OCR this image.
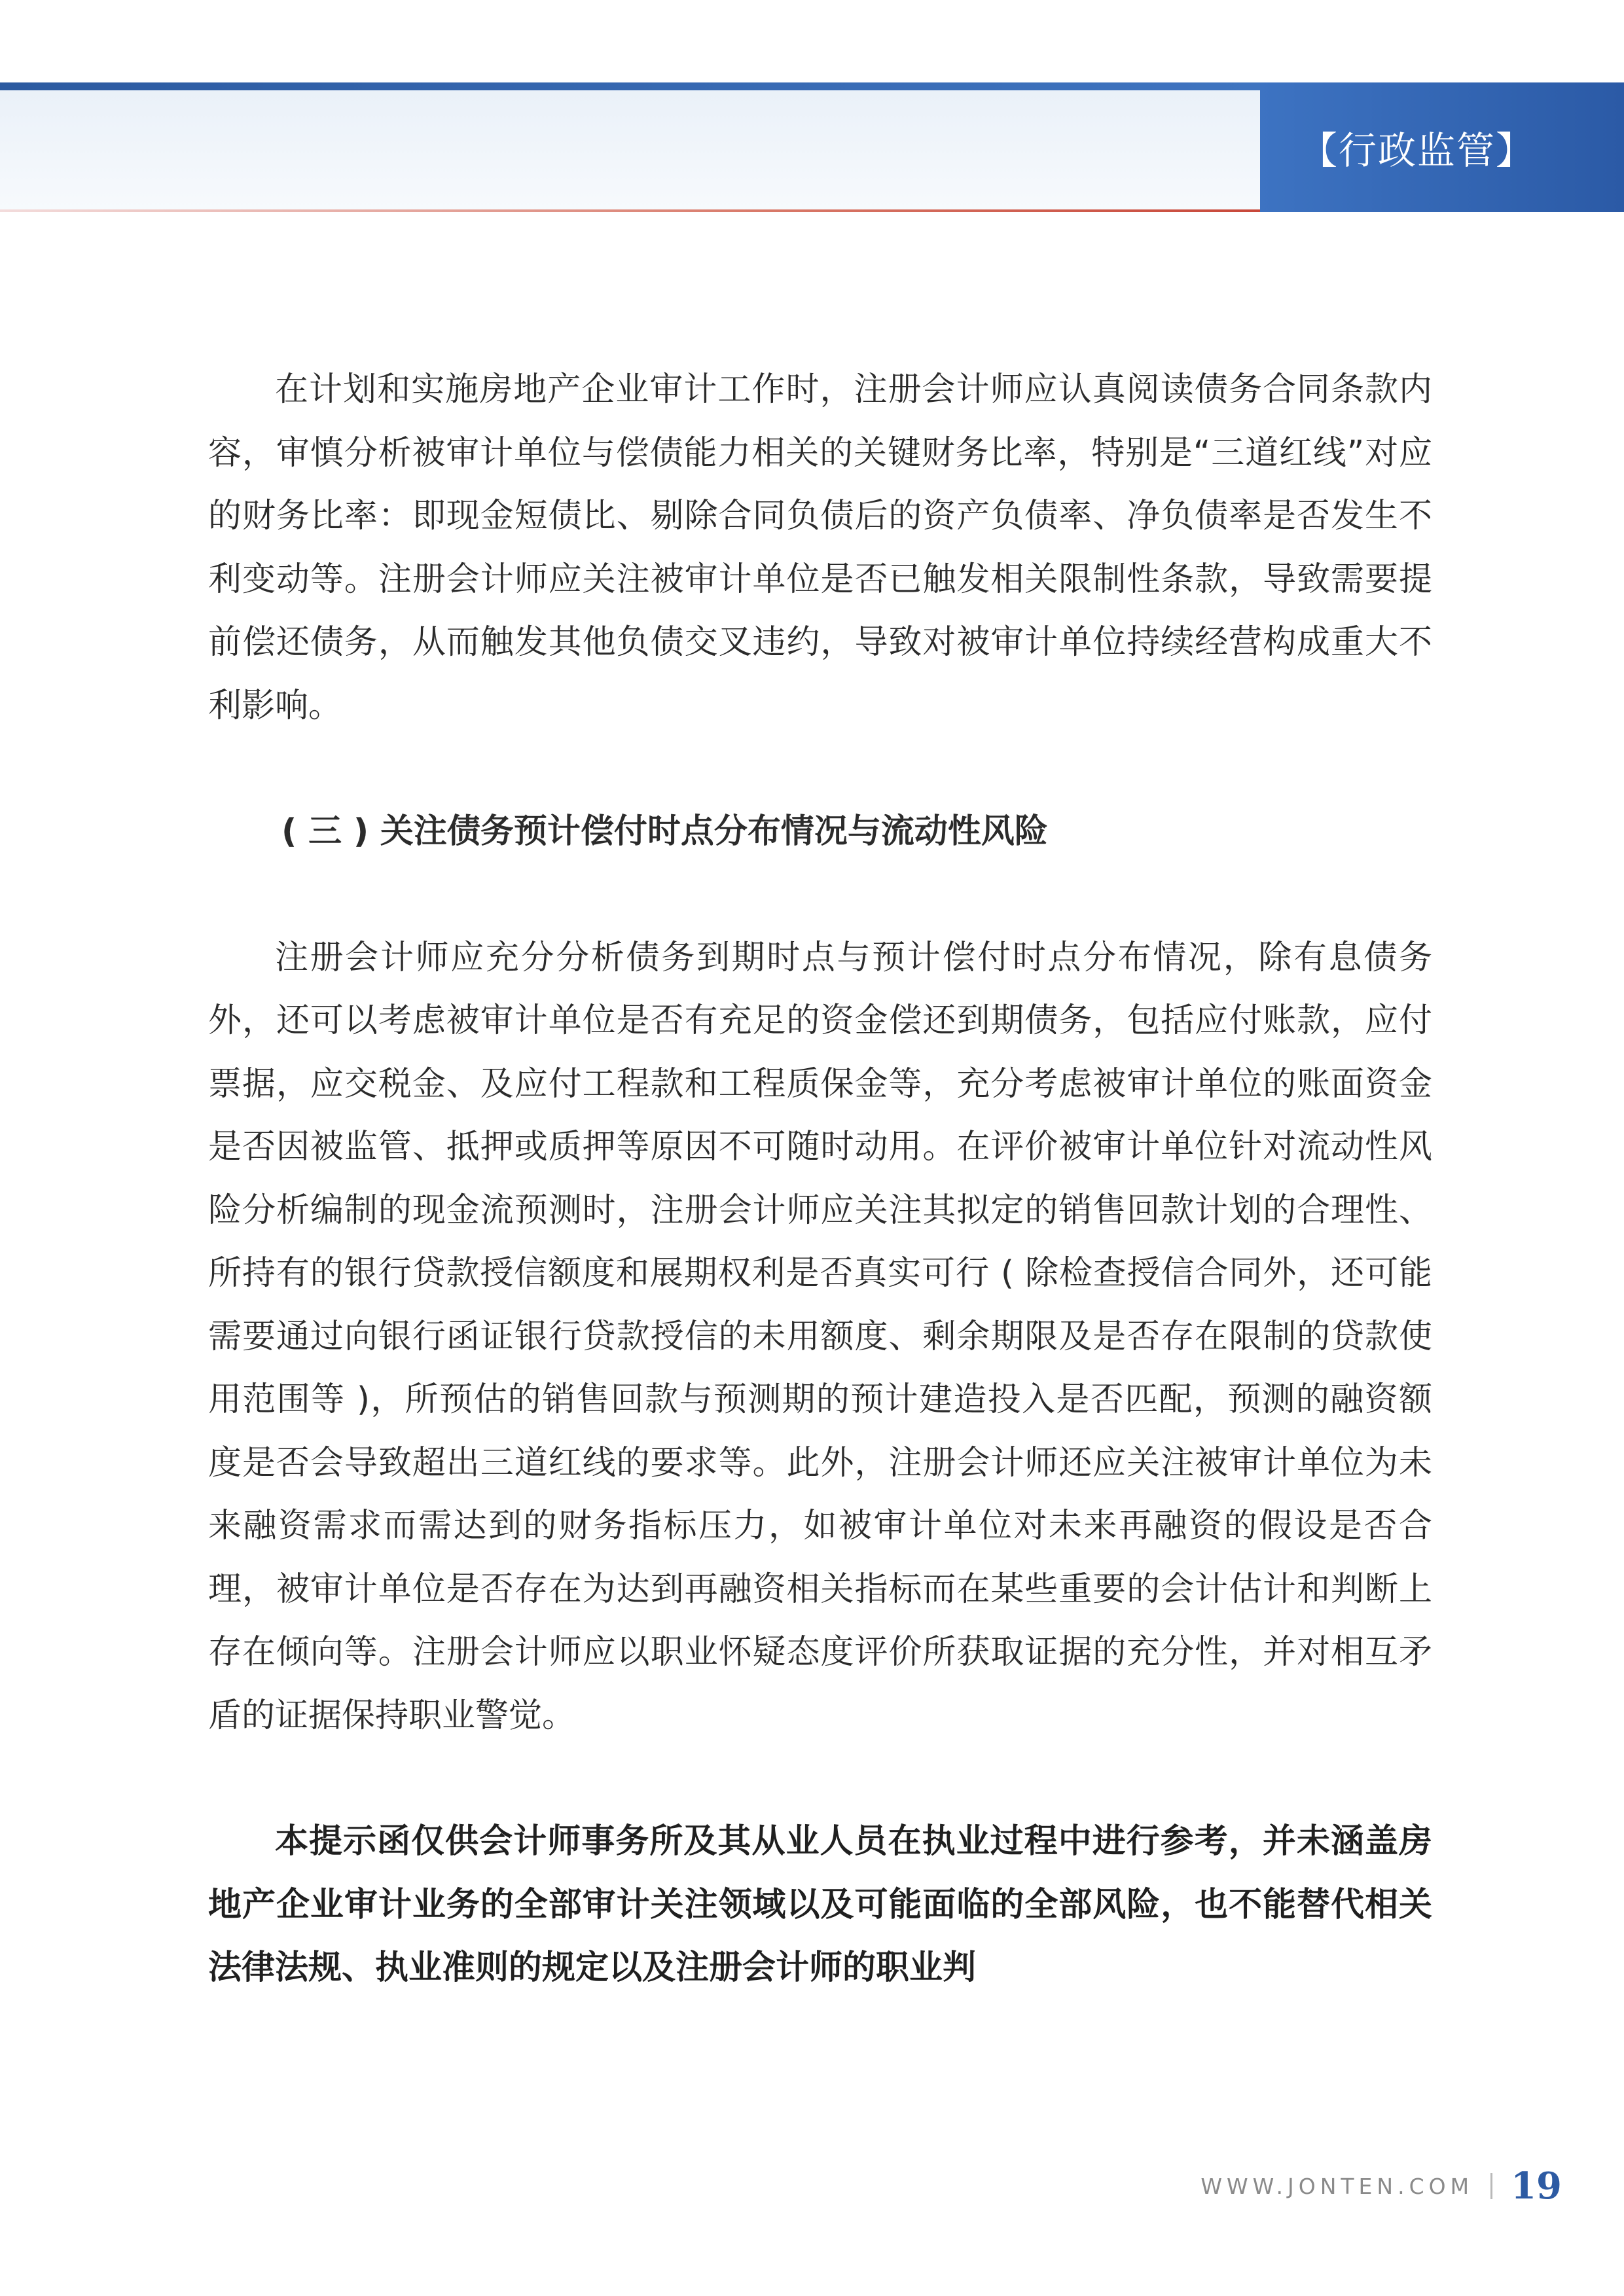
【行政监管】

在计划和实施房地产企业审计工作时，注册会计师应认真阅读债务合同条款内容，审慎分析被审计单位与偿债能力相关的关键财务比率，特别是“三道红线”对应的财务比率：即现金短债比、剔除合同负债后的资产负债率、净负债率是否发生不利变动等。注册会计师应关注被审计单位是否已触发相关限制性条款，导致需要提前偿还债务，从而触发其他负债交叉违约，导致对被审计单位持续经营构成重大不利影响。

( 三 ) 关注债务预计偿付时点分布情况与流动性风险

注册会计师应充分分析债务到期时点与预计偿付时点分布情况，除有息债务外，还可以考虑被审计单位是否有充足的资金偿还到期债务，包括应付账款，应付票据，应交税金、及应付工程款和工程质保金等，充分考虑被审计单位的账面资金是否因被监管、抵押或质押等原因不可随时动用。在评价被审计单位针对流动性风险分析编制的现金流预测时，注册会计师应关注其拟定的销售回款计划的合理性、所持有的银行贷款授信额度和展期权利是否真实可行 ( 除检查授信合同外，还可能需要通过向银行函证银行贷款授信的未用额度、剩余期限及是否存在限制的贷款使用范围等 )，所预估的销售回款与预测期的预计建造投入是否匹配，预测的融资额度是否会导致超出三道红线的要求等。此外，注册会计师还应关注被审计单位为未来融资需求而需达到的财务指标压力，如被审计单位对未来再融资的假设是否合理，被审计单位是否存在为达到再融资相关指标而在某些重要的会计估计和判断上存在倾向等。注册会计师应以职业怀疑态度评价所获取证据的充分性，并对相互矛盾的证据保持职业警觉。

本提示函仅供会计师事务所及其从业人员在执业过程中进行参考，并未涵盖房地产企业审计业务的全部审计关注领域以及可能面临的全部风险，也不能替代相关法律法规、执业准则的规定以及注册会计师的职业判

WWW.JONTEN.COM 19
